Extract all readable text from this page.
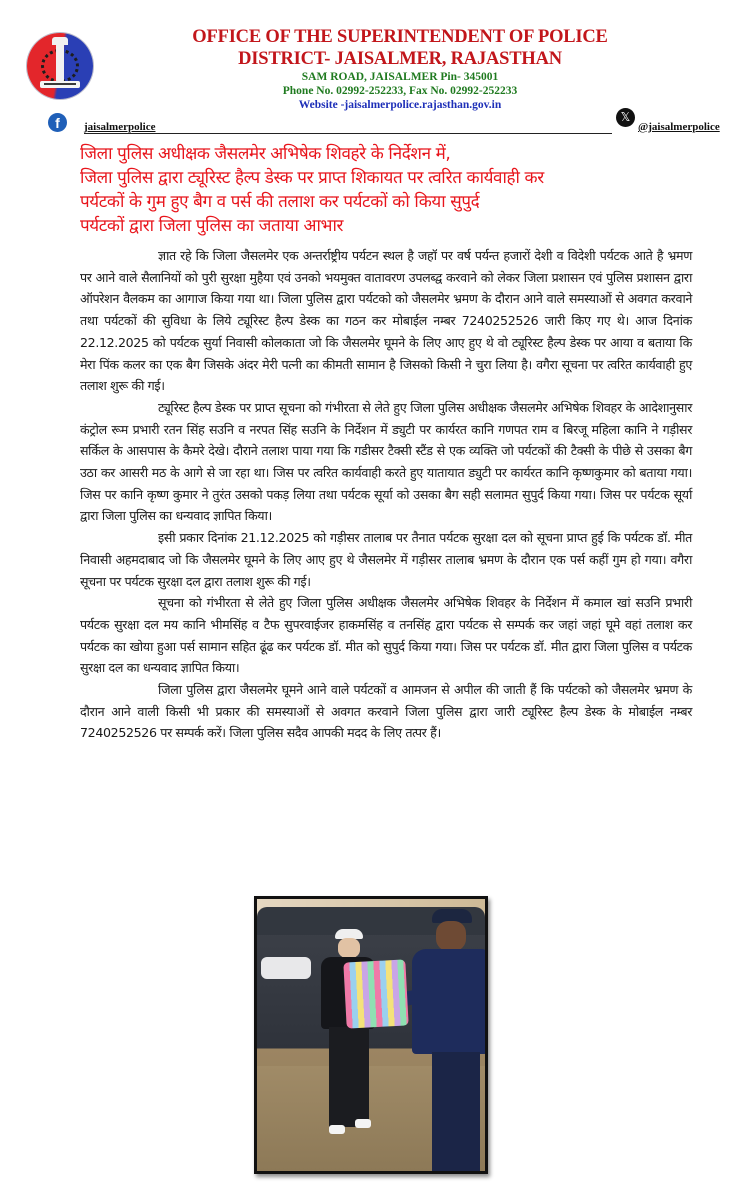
OFFICE OF THE SUPERINTENDENT OF POLICE
DISTRICT- JAISALMER, RAJASTHAN
SAM ROAD, JAISALMER Pin- 345001
Phone No. 02992-252233, Fax No. 02992-252233
Website -jaisalmerpolice.rajasthan.gov.in
f	jaisalmerpolice
𝕏
@jaisalmerpolice
जिला पुलिस अधीक्षक जैसलमेर अभिषेक शिवहरे के निर्देशन में,
जिला पुलिस द्वारा ट्यूरिस्ट हैल्प डेस्क पर प्राप्त शिकायत पर त्वरित कार्यवाही कर
पर्यटकों के गुम हुए बैग व पर्स की तलाश कर पर्यटकों को किया सुपुर्द
पर्यटकों द्वारा जिला पुलिस का जताया आभार

ज्ञात रहे कि जिला जैसलमेर एक अन्तर्राष्ट्रीय पर्यटन स्थल है जहॉ पर वर्ष पर्यन्त हजारों देशी व विदेशी पर्यटक आते है भ्रमण पर आने वाले सैलानियों को पुरी सुरक्षा मुहैया एवं उनको भयमुक्त वातावरण उपलब्द्व करवाने को लेकर जिला प्रशासन एवं पुलिस प्रशासन द्वारा ऑपरेशन वैलकम का आगाज किया गया था। जिला पुलिस द्वारा पर्यटको को जैसलमेर भ्रमण के दौरान आने वाले समस्याओं से अवगत करवाने तथा पर्यटकों की सुविधा के लिये ट्यूरिस्ट हैल्प डेस्क का गठन कर मोबाईल नम्बर 7240252526 जारी किए गए थे। आज दिनांक 22.12.2025 को पर्यटक सुर्या निवासी कोलकाता जो कि जैसलमेर घूमने के लिए आए हुए थे वो ट्यूरिस्ट हैल्प डेस्क पर आया व बताया कि मेरा पिंक कलर का एक बैग जिसके अंदर मेरी पत्नी का कीमती सामान है जिसको किसी ने चुरा लिया है। वगैरा सूचना पर त्वरित कार्यवाही हुए तलाश शुरू की गई।

ट्यूरिस्ट हैल्प डेस्क पर प्राप्त सूचना को गंभीरता से लेते हुए जिला पुलिस अधीक्षक जैसलमेर अभिषेक शिवहर के आदेशानुसार कंट्रोल रूम प्रभारी रतन सिंह सउनि व नरपत सिंह सउनि के निर्देशन में ड्युटी पर कार्यरत कानि गणपत राम व बिरजू महिला कानि ने गड़ीसर सर्किल के आसपास के कैमरे देखे। दौराने तलाश पाया गया कि गडीसर टैक्सी स्टैंड से एक व्यक्ति जो पर्यटकों की टैक्सी के पीछे से उसका बैग उठा कर आसरी मठ के आगे से जा रहा था। जिस पर त्वरित कार्यवाही करते हुए यातायात ड्युटी पर कार्यरत कानि कृष्णकुमार को बताया गया। जिस पर कानि कृष्ण कुमार ने तुरंत उसको पकड़ लिया तथा पर्यटक सूर्या को उसका बैग सही सलामत सुपुर्द किया गया। जिस पर पर्यटक सूर्या द्वारा जिला पुलिस का धन्यवाद ज्ञापित किया।

इसी प्रकार दिनांक 21.12.2025 को गड़ीसर तालाब पर तैनात पर्यटक सुरक्षा दल को सूचना प्राप्त हुई कि पर्यटक डॉ. मीत निवासी अहमदाबाद जो कि जैसलमेर घूमने के लिए आए हुए थे जैसलमेर में गड़ीसर तालाब भ्रमण के दौरान एक पर्स कहीं गुम हो गया। वगैरा सूचना पर पर्यटक सुरक्षा दल द्वारा तलाश शुरू की गई।

सूचना को गंभीरता से लेते हुए जिला पुलिस अधीक्षक जैसलमेर अभिषेक शिवहर के निर्देशन में कमाल खां सउनि प्रभारी पर्यटक सुरक्षा दल मय कानि भीमसिंह व टैफ सुपरवाईजर हाकमसिंह व तनसिंह द्वारा पर्यटक से सम्पर्क कर जहां जहां घूमे वहां तलाश कर पर्यटक का खोया हुआ पर्स सामान सहित ढूंढ कर पर्यटक डॉ. मीत को सुपुर्द किया गया। जिस पर पर्यटक डॉ. मीत द्वारा जिला पुलिस व पर्यटक सुरक्षा दल का धन्यवाद ज्ञापित किया।

जिला पुलिस द्वारा जैसलमेर घूमने आने वाले पर्यटकों व आमजन से अपील की जाती हैं कि पर्यटको को जैसलमेर भ्रमण के दौरान आने वाली किसी भी प्रकार की समस्याओं से अवगत करवाने जिला पुलिस द्वारा जारी ट्यूरिस्ट हैल्प डेस्क के मोबाईल नम्बर 7240252526 पर सम्पर्क करें। जिला पुलिस सदैव आपकी मदद के लिए तत्पर हैं।
